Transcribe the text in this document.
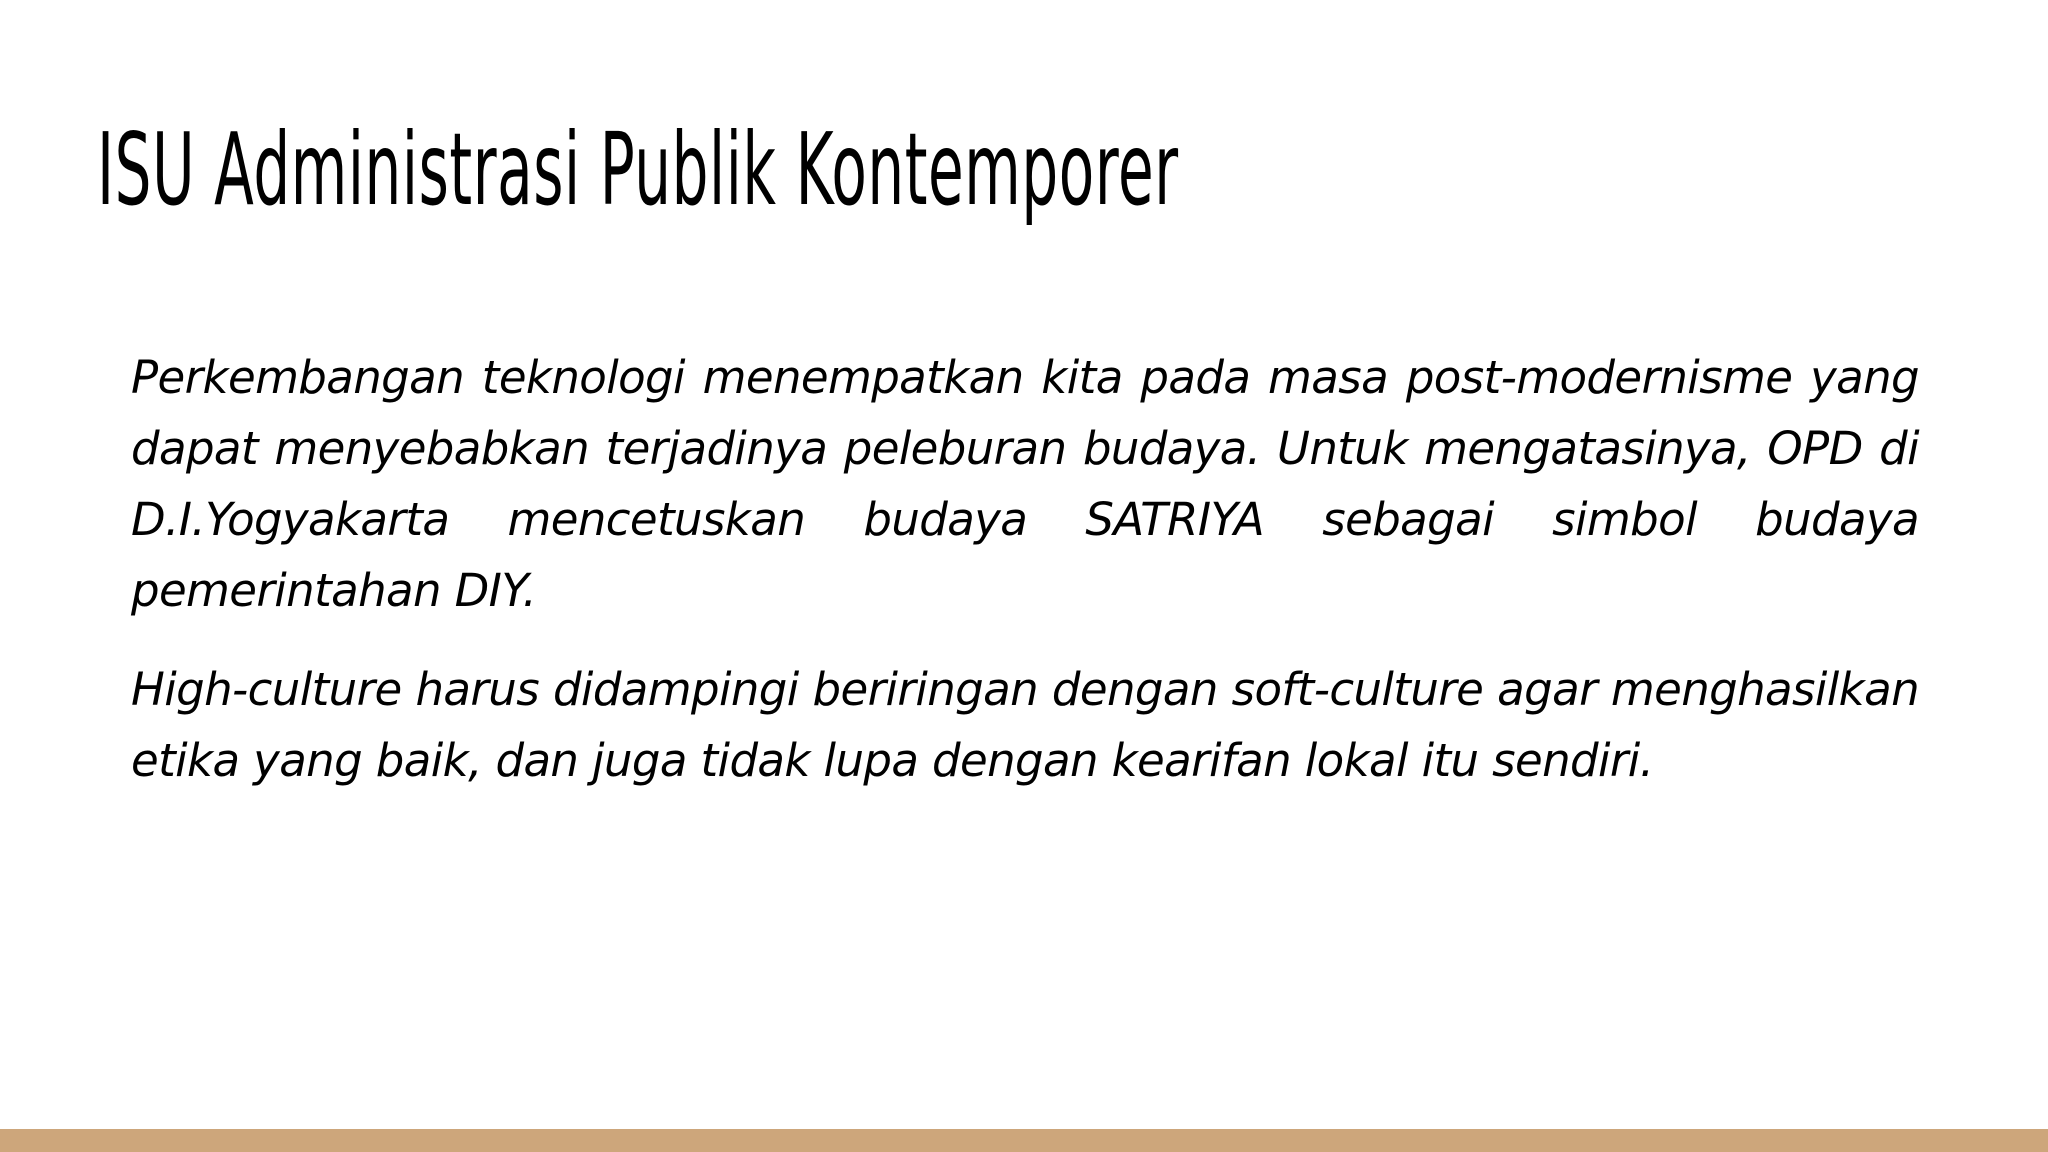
ISU Administrasi Publik Kontemporer

Perkembangan teknologi menempatkan kita pada masa post-modernisme yang dapat menyebabkan terjadinya peleburan budaya. Untuk mengatasinya, OPD di D.I.Yogyakarta mencetuskan budaya SATRIYA sebagai simbol budaya pemerintahan DIY.

High-culture harus didampingi beriringan dengan soft-culture agar menghasilkan etika yang baik, dan juga tidak lupa dengan kearifan lokal itu sendiri.
